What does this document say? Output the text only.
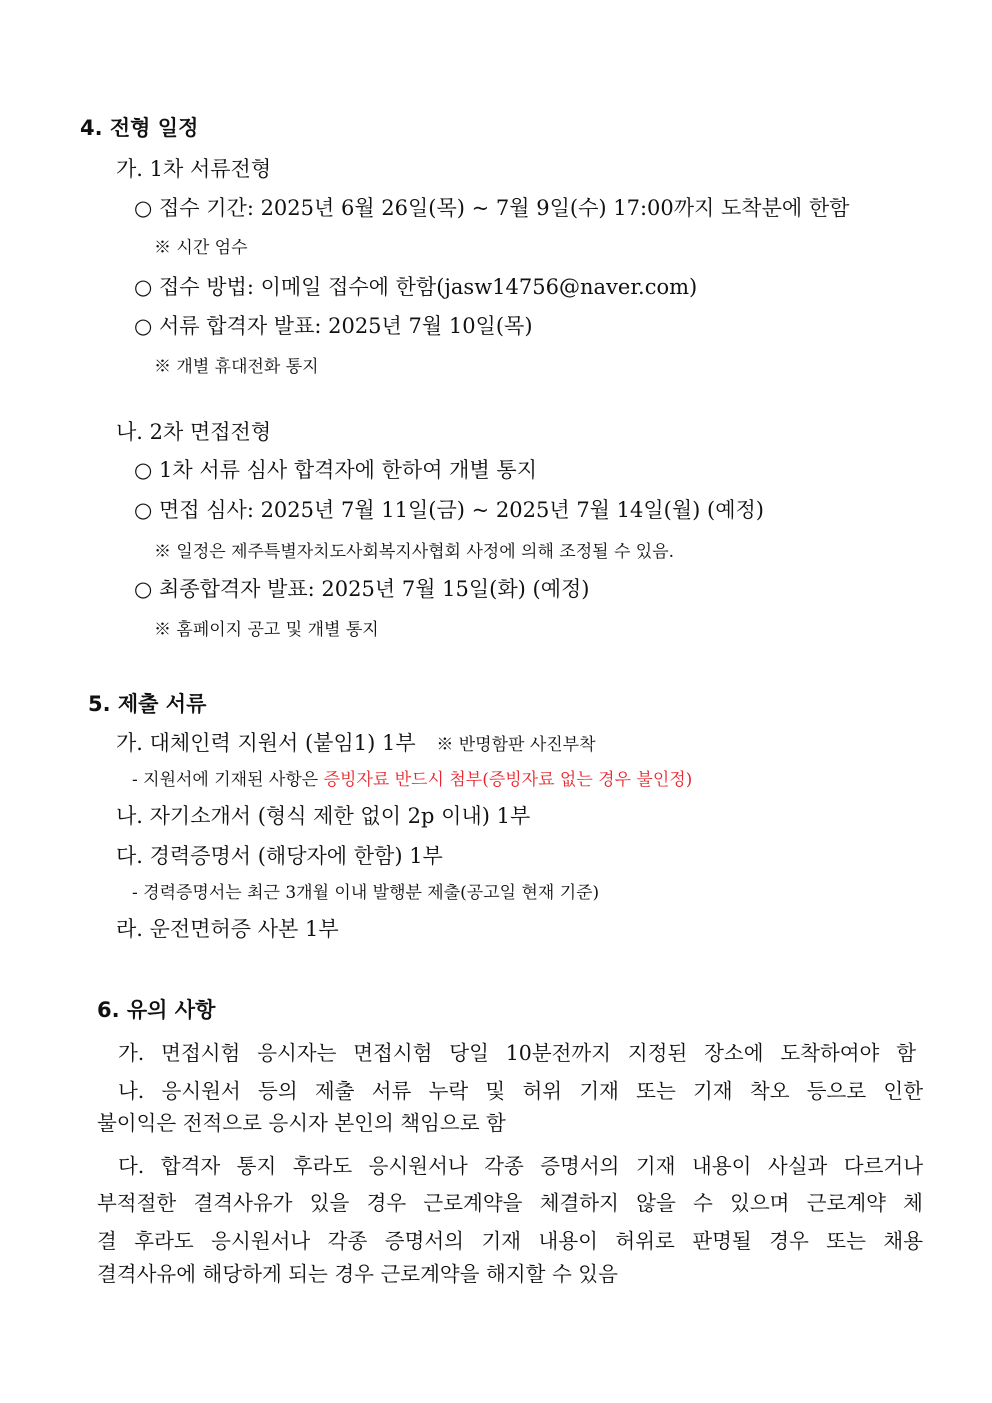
4. 전형 일정
가. 1차 서류전형
○ 접수 기간: 2025년 6월 26일(목) ~ 7월 9일(수) 17:00까지 도착분에 한함
※ 시간 엄수
○ 접수 방법: 이메일 접수에 한함(jasw14756@naver.com)
○ 서류 합격자 발표: 2025년 7월 10일(목)
※ 개별 휴대전화 통지
나. 2차 면접전형
○ 1차 서류 심사 합격자에 한하여 개별 통지
○ 면접 심사: 2025년 7월 11일(금) ~ 2025년 7월 14일(월) (예정)
※ 일정은 제주특별자치도사회복지사협회 사정에 의해 조정될 수 있음.
○ 최종합격자 발표: 2025년 7월 15일(화) (예정)
※ 홈페이지 공고 및 개별 통지
5. 제출 서류
가. 대체인력 지원서 (붙임1) 1부 ※ 반명함판 사진부착
- 지원서에 기재된 사항은 증빙자료 반드시 첨부(증빙자료 없는 경우 불인정)
나. 자기소개서 (형식 제한 없이 2p 이내) 1부
다. 경력증명서 (해당자에 한함) 1부
- 경력증명서는 최근 3개월 이내 발행분 제출(공고일 현재 기준)
라. 운전면허증 사본 1부
6. 유의 사항
가. 면접시험 응시자는 면접시험 당일 10분전까지 지정된 장소에 도착하여야 함
나. 응시원서 등의 제출 서류 누락 및 허위 기재 또는 기재 착오 등으로 인한
불이익은 전적으로 응시자 본인의 책임으로 함
다. 합격자 통지 후라도 응시원서나 각종 증명서의 기재 내용이 사실과 다르거나
부적절한 결격사유가 있을 경우 근로계약을 체결하지 않을 수 있으며 근로계약 체
결 후라도 응시원서나 각종 증명서의 기재 내용이 허위로 판명될 경우 또는 채용
결격사유에 해당하게 되는 경우 근로계약을 해지할 수 있음
